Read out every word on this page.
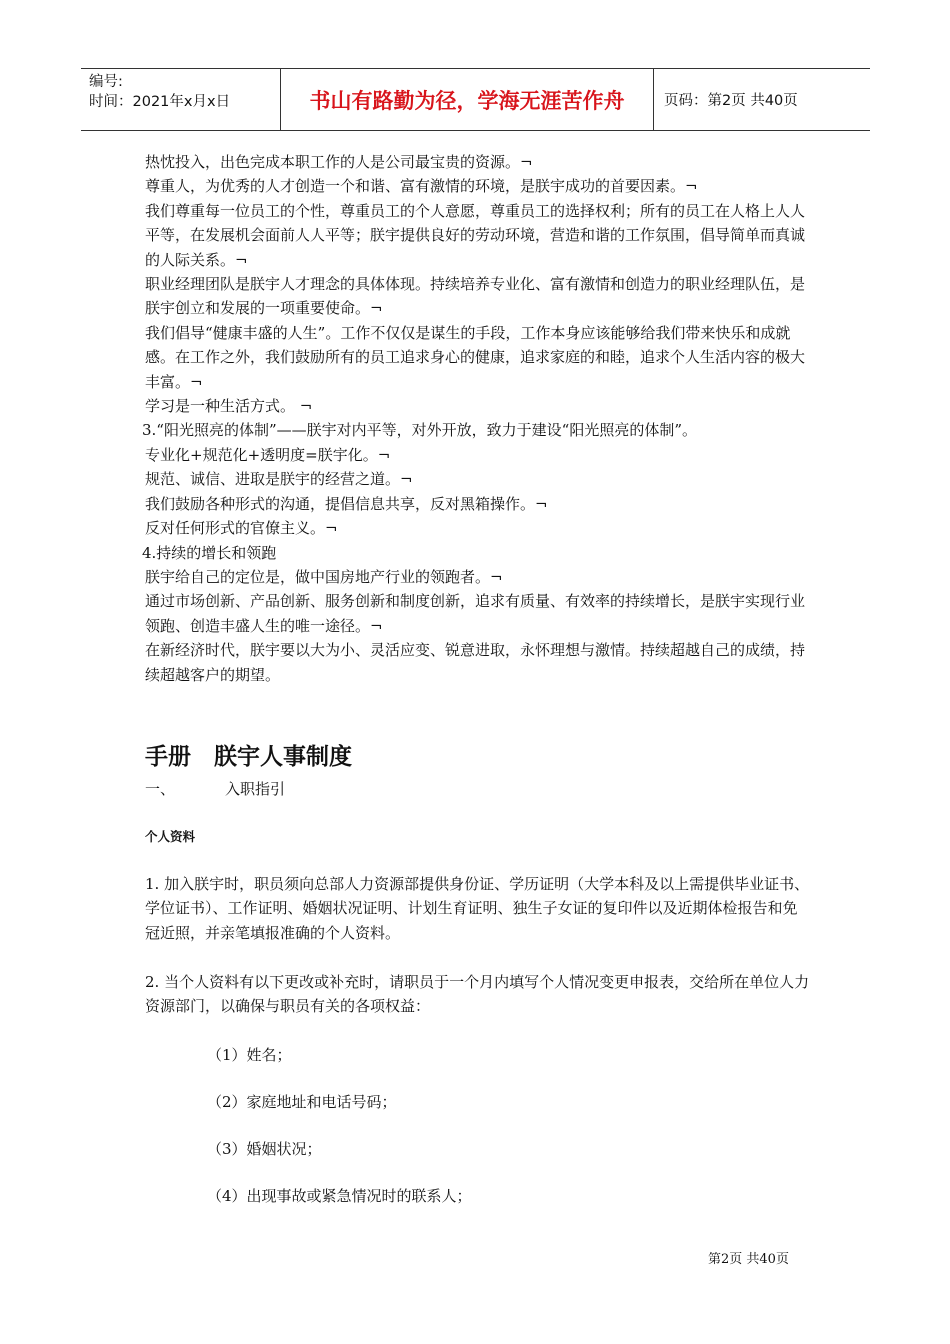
编号:
时间：2021年x月x日	书山有路勤为径，学海无涯苦作舟	页码：第2页 共40页

热忱投入，出色完成本职工作的人是公司最宝贵的资源。¬

尊重人，为优秀的人才创造一个和谐、富有激情的环境，是朕宇成功的首要因素。¬

我们尊重每一位员工的个性，尊重员工的个人意愿，尊重员工的选择权利；所有的员工在人格上人人平等，在发展机会面前人人平等；朕宇提供良好的劳动环境，营造和谐的工作氛围，倡导简单而真诚的人际关系。¬

职业经理团队是朕宇人才理念的具体体现。持续培养专业化、富有激情和创造力的职业经理队伍，是朕宇创立和发展的一项重要使命。¬

我们倡导“健康丰盛的人生”。工作不仅仅是谋生的手段，工作本身应该能够给我们带来快乐和成就感。在工作之外，我们鼓励所有的员工追求身心的健康，追求家庭的和睦，追求个人生活内容的极大丰富。¬

学习是一种生活方式。 ¬

3.“阳光照亮的体制”——朕宇对内平等，对外开放，致力于建设“阳光照亮的体制”。

专业化+规范化+透明度=朕宇化。¬

规范、诚信、进取是朕宇的经营之道。¬

我们鼓励各种形式的沟通，提倡信息共享，反对黑箱操作。¬

反对任何形式的官僚主义。¬

4.持续的增长和领跑

朕宇给自己的定位是，做中国房地产行业的领跑者。¬

通过市场创新、产品创新、服务创新和制度创新，追求有质量、有效率的持续增长，是朕宇实现行业领跑、创造丰盛人生的唯一途径。¬

在新经济时代，朕宇要以大为小、灵活应变、锐意进取，永怀理想与激情。持续超越自己的成绩，持续超越客户的期望。

手册　朕宇人事制度
一、	入职指引
个人资料
1. 加入朕宇时，职员须向总部人力资源部提供身份证、学历证明（大学本科及以上需提供毕业证书、学位证书）、工作证明、婚姻状况证明、计划生育证明、独生子女证的复印件以及近期体检报告和免冠近照，并亲笔填报准确的个人资料。
2. 当个人资料有以下更改或补充时，请职员于一个月内填写个人情况变更申报表，交给所在单位人力资源部门，以确保与职员有关的各项权益：
（1）姓名；
（2）家庭地址和电话号码；
（3）婚姻状况；
（4）出现事故或紧急情况时的联系人；
第2页 共40页
